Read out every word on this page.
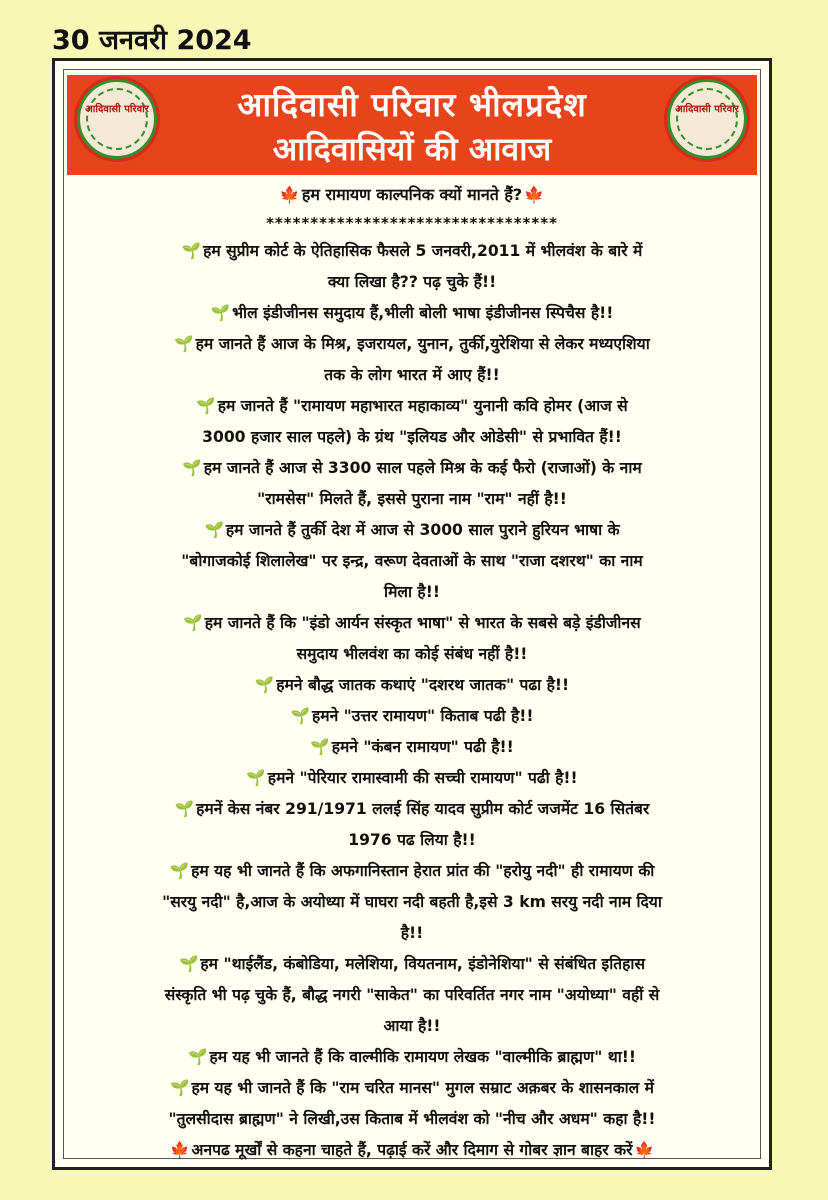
30 जनवरी 2024
आदिवासी परिवार	आदिवासी परिवार भीलप्रदेश
आदिवासियों की आवाज
आदिवासी परिवार
🍁 हम रामायण काल्पनिक क्यों मानते हैं? 🍁
*********************************
🌱 हम सुप्रीम कोर्ट के ऐतिहासिक फैसले 5 जनवरी,2011 में भीलवंश के बारे में
क्या लिखा है?? पढ़ चुके हैं!!
🌱 भील इंडीजीनस समुदाय हैं,भीली बोली भाषा इंडीजीनस स्पिचैस है!!
🌱 हम जानते हैं आज के मिश्र, इजरायल, युनान, तुर्की,युरेशिया से लेकर मध्यएशिया
तक के लोग भारत में आए हैं!!
🌱 हम जानते हैं "रामायण महाभारत महाकाव्य" युनानी कवि होमर (आज से
3000 हजार साल पहले) के ग्रंथ "इलियड और ओडेसी" से प्रभावित हैं!!
🌱 हम जानते हैं आज से 3300 साल पहले मिश्र के कई फैरो (राजाओं) के नाम
"रामसेस" मिलते हैं, इससे पुराना नाम "राम" नहीं है!!
🌱 हम जानते हैं तुर्की देश में आज से 3000 साल पुराने हुरियन भाषा के
"बोगाजकोई शिलालेख" पर इन्द्र, वरूण देवताओं के साथ "राजा दशरथ" का नाम
मिला है!!
🌱 हम जानते हैं कि "इंडो आर्यन संस्कृत भाषा" से भारत के सबसे बड़े इंडीजीनस
समुदाय भीलवंश का कोई संबंध नहीं है!!
🌱 हमने बौद्ध जातक कथाएं "दशरथ जातक" पढा है!!
🌱 हमने "उत्तर रामायण" किताब पढी है!!
🌱 हमने "कंबन रामायण" पढी है!!
🌱 हमने "पेरियार रामास्वामी की सच्ची रामायण" पढी है!!
🌱 हमनें केस नंबर 291/1971 ललई सिंह यादव सुप्रीम कोर्ट जजमेंट 16 सितंबर
1976 पढ लिया है!!
🌱 हम यह भी जानते हैं कि अफगानिस्तान हेरात प्रांत की "हरोयु नदी" ही रामायण की
"सरयु नदी" है,आज के अयोध्या में घाघरा नदी बहती है,इसे 3 km सरयु नदी नाम दिया
है!!
🌱 हम "थाईलैंड, कंबोडिया, मलेशिया, वियतनाम, इंडोनेशिया" से संबंधित इतिहास
संस्कृति भी पढ़ चुके हैं, बौद्ध नगरी "साकेत" का परिवर्तित नगर नाम "अयोध्या" वहीं से
आया है!!
🌱 हम यह भी जानते हैं कि वाल्मीकि रामायण लेखक "वाल्मीकि ब्राह्मण" था!!
🌱 हम यह भी जानते हैं कि "राम चरित मानस" मुगल सम्राट अक़बर के शासनकाल में
"तुलसीदास ब्राह्मण" ने लिखी,उस किताब में भीलवंश को "नीच और अधम" कहा है!!
🍁 अनपढ मूर्खों से कहना चाहते हैं, पढ़ाई करें और दिमाग से गोबर ज्ञान बाहर करें 🍁
